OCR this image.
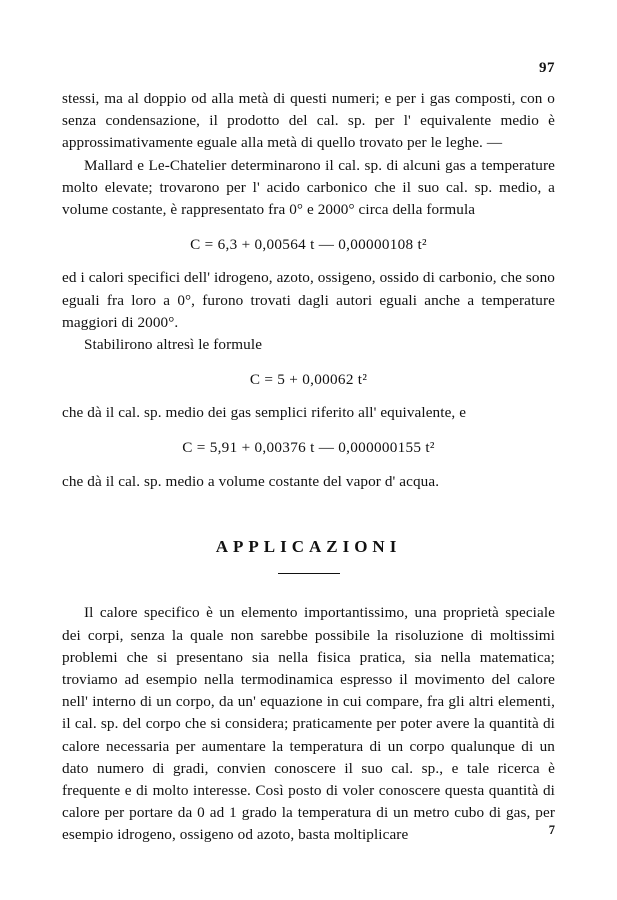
97

stessi, ma al doppio od alla metà di questi numeri; e per i gas composti, con o senza condensazione, il prodotto del cal. sp. per l' equivalente medio è approssimativamente eguale alla metà di quello trovato per le leghe. —

Mallard e Le-Chatelier determinarono il cal. sp. di alcuni gas a temperature molto elevate; trovarono per l' acido carbonico che il suo cal. sp. medio, a volume costante, è rappresentato fra 0° e 2000° circa della formula

C = 6,3 + 0,00564 t — 0,00000108 t²

ed i calori specifici dell' idrogeno, azoto, ossigeno, ossido di carbonio, che sono eguali fra loro a 0°, furono trovati dagli autori eguali anche a temperature maggiori di 2000°.

Stabilirono altresì le formule

C = 5 + 0,00062 t²

che dà il cal. sp. medio dei gas semplici riferito all' equivalente, e

C = 5,91 + 0,00376 t — 0,000000155 t²

che dà il cal. sp. medio a volume costante del vapor d' acqua.

APPLICAZIONI

Il calore specifico è un elemento importantissimo, una proprietà speciale dei corpi, senza la quale non sarebbe possibile la risoluzione di moltissimi problemi che si presentano sia nella fisica pratica, sia nella matematica; troviamo ad esempio nella termodinamica espresso il movimento del calore nell' interno di un corpo, da un' equazione in cui compare, fra gli altri elementi, il cal. sp. del corpo che si considera; praticamente per poter avere la quantità di calore necessaria per aumentare la temperatura di un corpo qualunque di un dato numero di gradi, convien conoscere il suo cal. sp., e tale ricerca è frequente e di molto interesse. Così posto di voler conoscere questa quantità di calore per portare da 0 ad 1 grado la temperatura di un metro cubo di gas, per esempio idrogeno, ossigeno od azoto, basta moltiplicare	7
